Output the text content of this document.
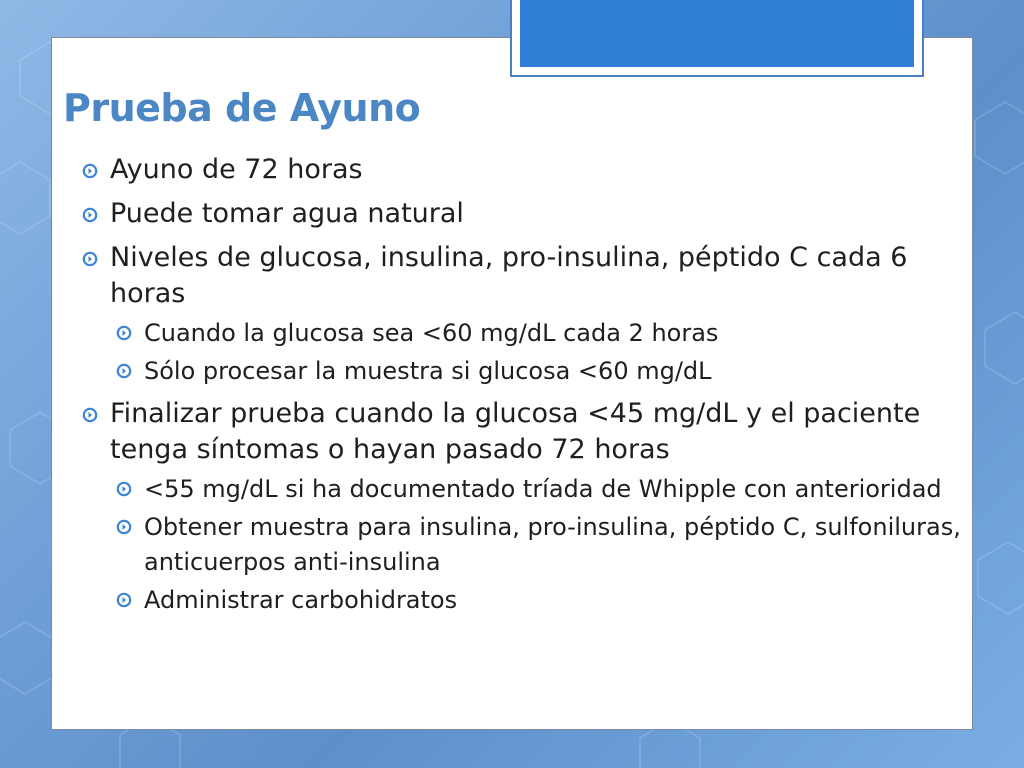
Prueba de Ayuno
Ayuno de 72 horas
Puede tomar agua natural
Niveles de glucosa, insulina, pro-insulina, péptido C cada 6 horas
Cuando la glucosa sea <60 mg/dL cada 2 horas
Sólo procesar la muestra si glucosa <60 mg/dL
Finalizar prueba cuando la glucosa <45 mg/dL y el paciente tenga síntomas o hayan pasado 72 horas
<55 mg/dL si ha documentado tríada de Whipple con anterioridad
Obtener muestra para insulina, pro-insulina, péptido C, sulfoniluras, anticuerpos anti-insulina
Administrar carbohidratos
